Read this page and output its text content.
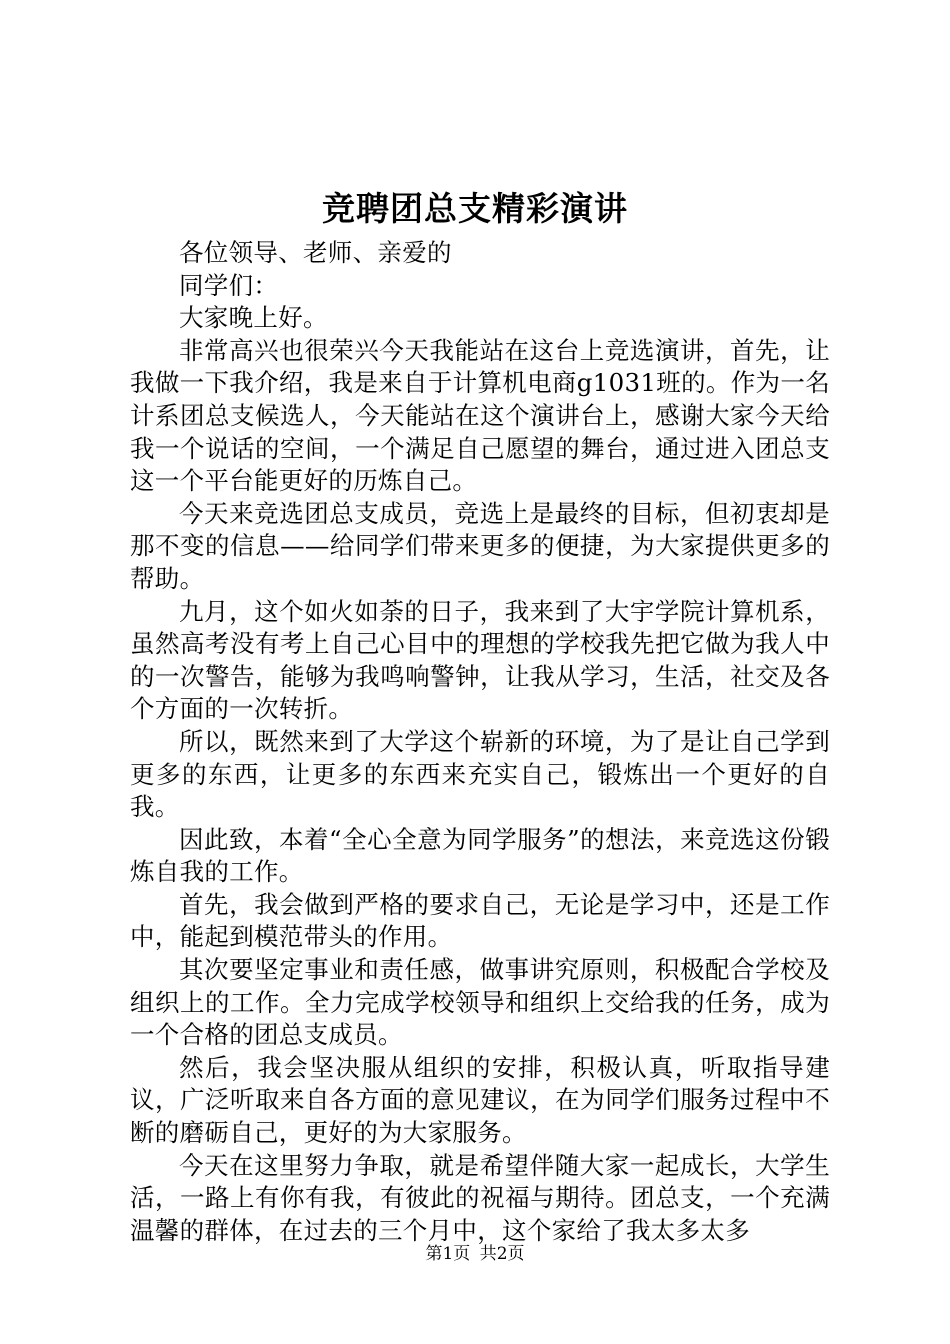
竞聘团总支精彩演讲

各位领导、老师、亲爱的

同学们：

大家晚上好。

非常高兴也很荣兴今天我能站在这台上竞选演讲，首先，让我做一下我介绍，我是来自于计算机电商g1031班的。作为一名计系团总支候选人，今天能站在这个演讲台上，感谢大家今天给我一个说话的空间，一个满足自己愿望的舞台，通过进入团总支这一个平台能更好的历炼自己。

今天来竞选团总支成员，竞选上是最终的目标，但初衷却是那不变的信息——给同学们带来更多的便捷，为大家提供更多的帮助。

九月，这个如火如荼的日子，我来到了大宇学院计算机系，虽然高考没有考上自己心目中的理想的学校我先把它做为我人中的一次警告，能够为我鸣响警钟，让我从学习，生活，社交及各个方面的一次转折。

所以，既然来到了大学这个崭新的环境，为了是让自己学到更多的东西，让更多的东西来充实自己，锻炼出一个更好的自我。

因此致，本着“全心全意为同学服务”的想法，来竞选这份锻炼自我的工作。

首先，我会做到严格的要求自己，无论是学习中，还是工作中，能起到模范带头的作用。

其次要坚定事业和责任感，做事讲究原则，积极配合学校及组织上的工作。全力完成学校领导和组织上交给我的任务，成为一个合格的团总支成员。

然后，我会坚决服从组织的安排，积极认真，听取指导建议，广泛听取来自各方面的意见建议，在为同学们服务过程中不断的磨砺自己，更好的为大家服务。

今天在这里努力争取，就是希望伴随大家一起成长，大学生活，一路上有你有我，有彼此的祝福与期待。团总支，一个充满温馨的群体，在过去的三个月中，这个家给了我太多太多

第1页 共2页
